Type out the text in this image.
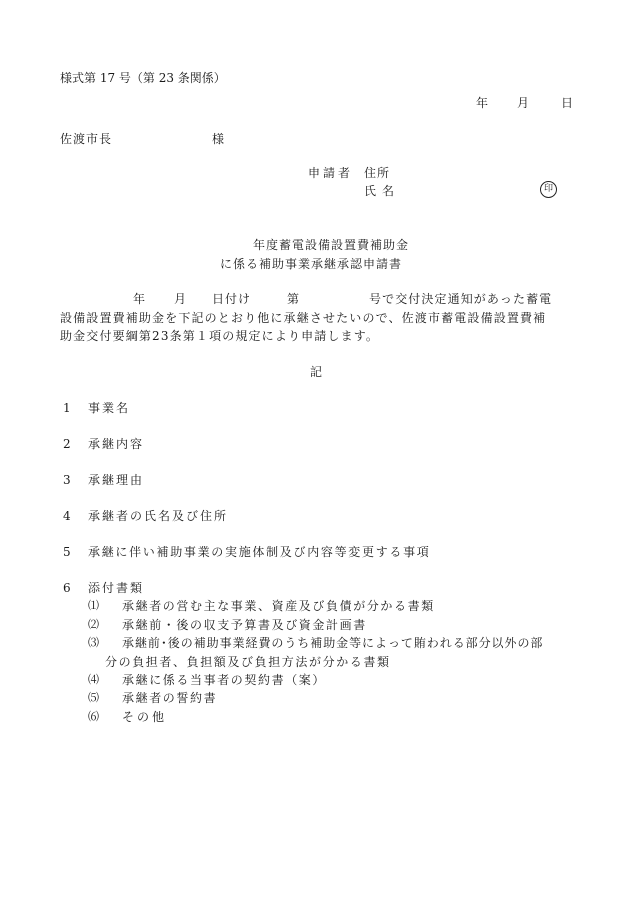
様式第 17 号（第 23 条関係）
年 月	日
佐渡市長	様
申請者 住所
氏名	印
年度蓄電設備設置費補助金
に係る補助事業承継承認申請書
年 月 日付け	第	号で交付決定通知があった蓄電
設備設置費補助金を下記のとおり他に承継させたいので、佐渡市蓄電設備設置費補
助金交付要綱第23条第１項の規定により申請します。
記
1 事業名
2 承継内容
3 承継理由
4 承継者の氏名及び住所
5 承継に伴い補助事業の実施体制及び内容等変更する事項
6 添付書類
⑴ 承継者の営む主な事業、資産及び負債が分かる書類
⑵ 承継前・後の収支予算書及び資金計画書
⑶ 承継前･後の補助事業経費のうち補助金等によって賄われる部分以外の部
分の負担者、負担額及び負担方法が分かる書類
⑷ 承継に係る当事者の契約書（案）
⑸ 承継者の誓約書
⑹ その他
